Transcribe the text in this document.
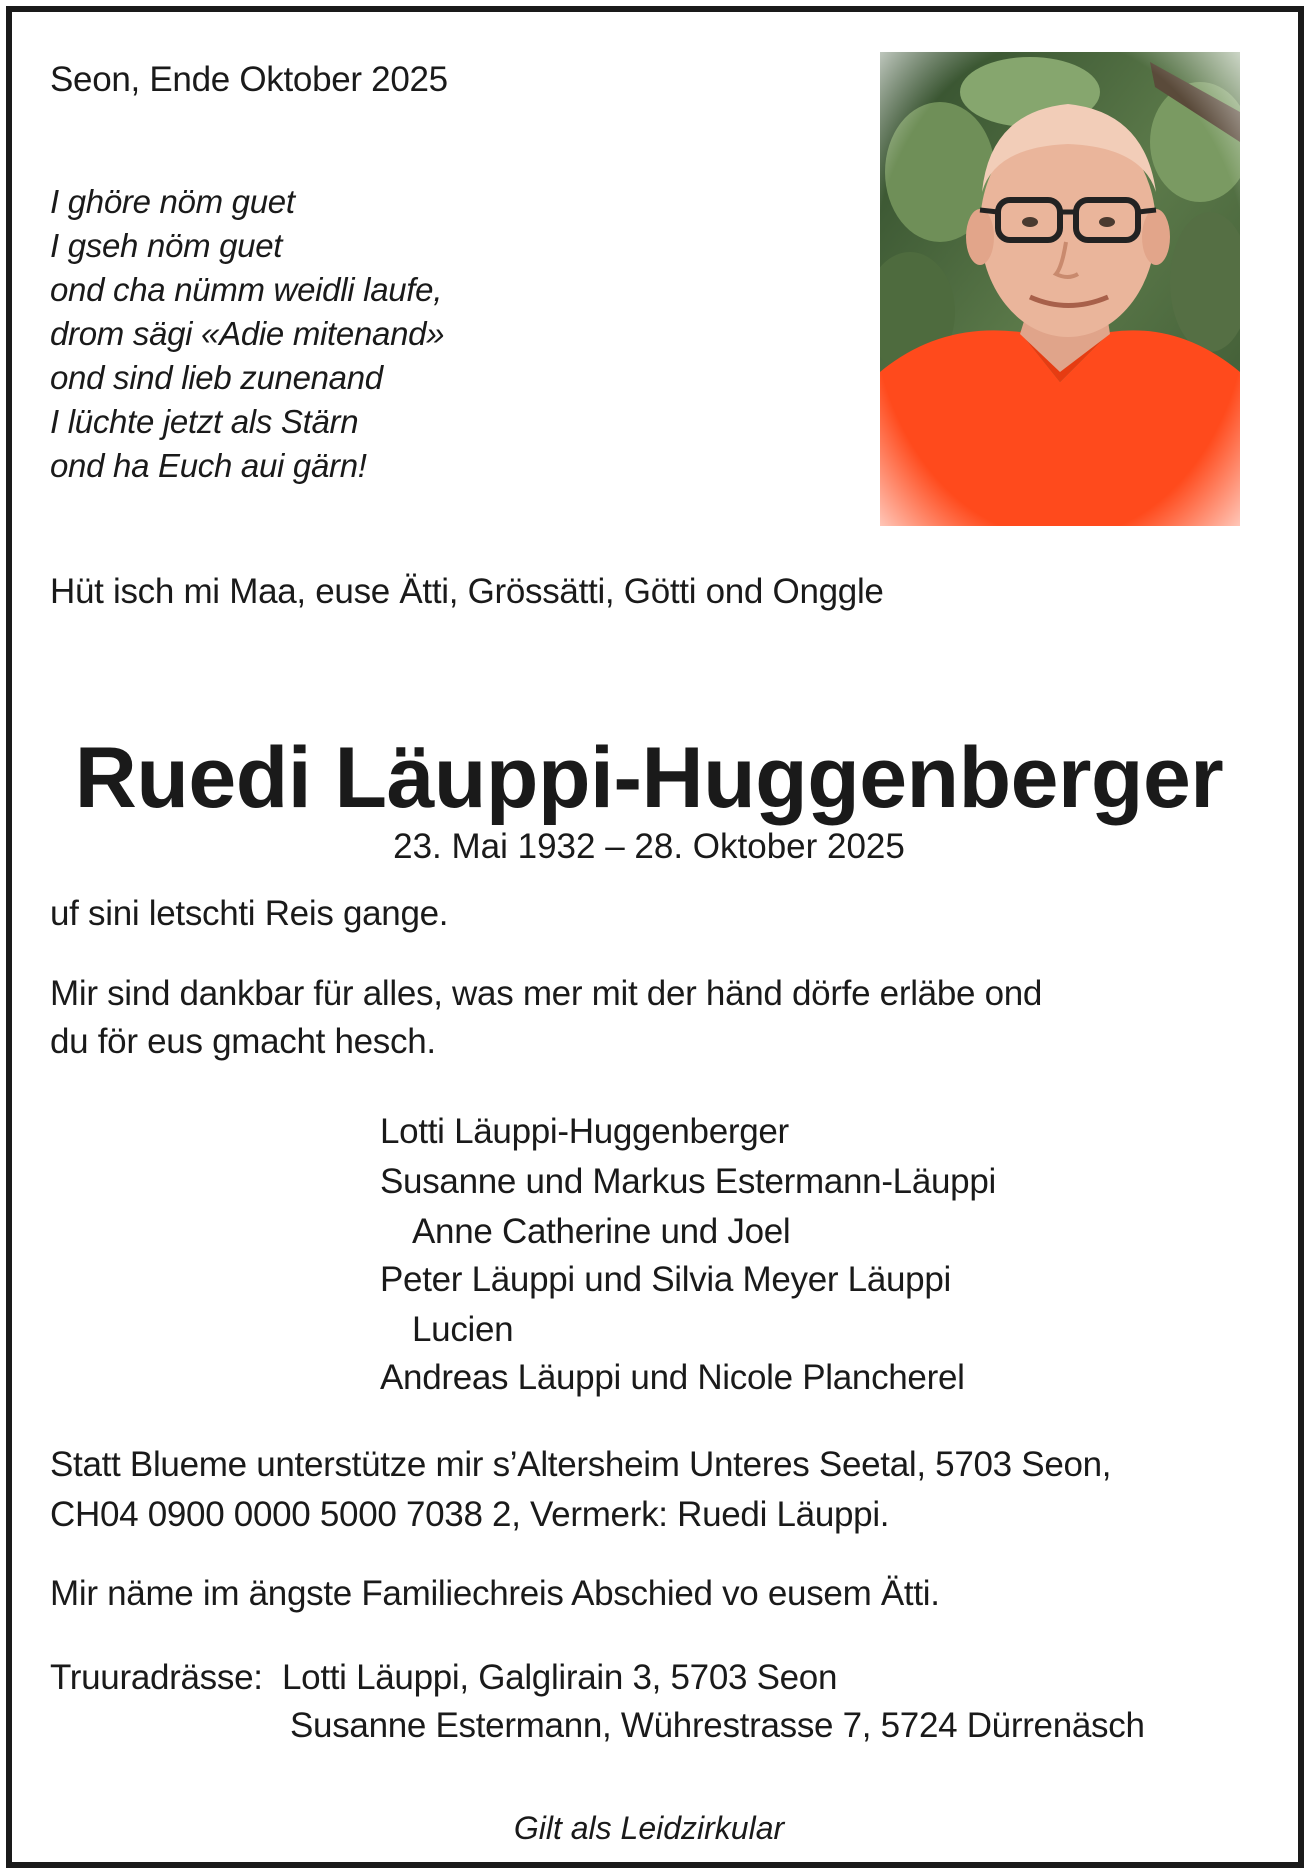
Seon, Ende Oktober 2025

I ghöre nöm guet
I gseh nöm guet
ond cha nümm weidli laufe,
drom sägi «Adie mitenand»
ond sind lieb zunenand
I lüchte jetzt als Stärn
ond ha Euch aui gärn!

Hüt isch mi Maa, euse Ätti, Grössätti, Götti ond Onggle

Ruedi Läuppi-Huggenberger

23. Mai 1932 – 28. Oktober 2025

uf sini letschti Reis gange.

Mir sind dankbar für alles, was mer mit der händ dörfe erläbe ond
du för eus gmacht hesch.

Lotti Läuppi-Huggenberger

Susanne und Markus Estermann-Läuppi

Anne Catherine und Joel

Peter Läuppi und Silvia Meyer Läuppi

Lucien

Andreas Läuppi und Nicole Plancherel

Statt Blueme unterstütze mir s’Altersheim Unteres Seetal, 5703 Seon,
CH04 0900 0000 5000 7038 2, Vermerk: Ruedi Läuppi.

Mir näme im ängste Familiechreis Abschied vo eusem Ätti.

Truuradrässe: Lotti Läuppi, Galglirain 3, 5703 Seon

Susanne Estermann, Wührestrasse 7, 5724 Dürrenäsch

Gilt als Leidzirkular
